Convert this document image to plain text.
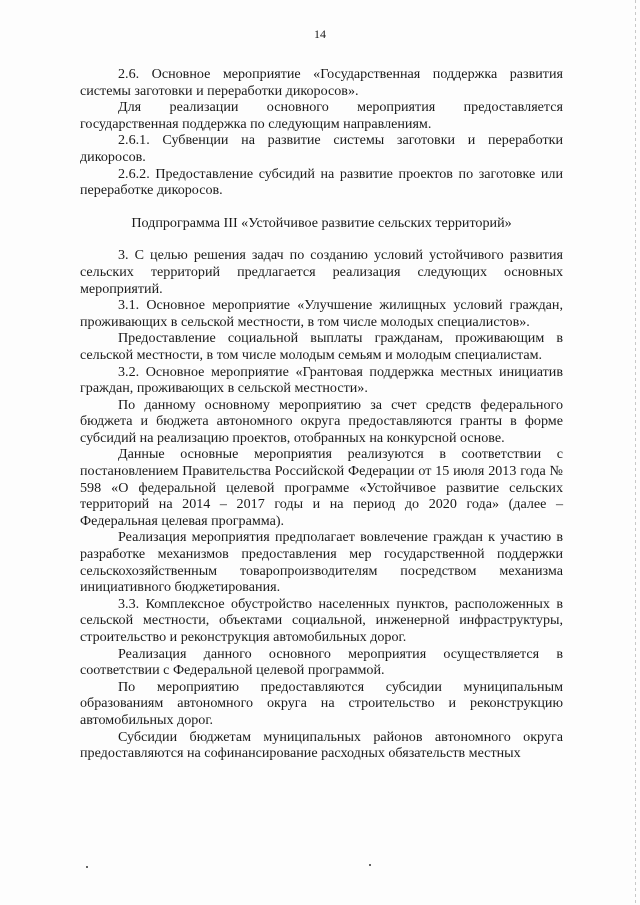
14

2.6. Основное мероприятие «Государственная поддержка развития системы заготовки и переработки дикоросов».

Для реализации основного мероприятия предоставляется государственная поддержка по следующим направлениям.

2.6.1. Субвенции на развитие системы заготовки и переработки дикоросов.

2.6.2. Предоставление субсидий на развитие проектов по заготовке или переработке дикоросов.

Подпрограмма III «Устойчивое развитие сельских территорий»

3. С целью решения задач по созданию условий устойчивого развития сельских территорий предлагается реализация следующих основных мероприятий.

3.1. Основное мероприятие «Улучшение жилищных условий граждан, проживающих в сельской местности, в том числе молодых специалистов».

Предоставление социальной выплаты гражданам, проживающим в сельской местности, в том числе молодым семьям и молодым специалистам.

3.2. Основное мероприятие «Грантовая поддержка местных инициатив граждан, проживающих в сельской местности».

По данному основному мероприятию за счет средств федерального бюджета и бюджета автономного округа предоставляются гранты в форме субсидий на реализацию проектов, отобранных на конкурсной основе.

Данные основные мероприятия реализуются в соответствии с постановлением Правительства Российской Федерации от 15 июля 2013 года № 598 «О федеральной целевой программе «Устойчивое развитие сельских территорий на 2014 – 2017 годы и на период до 2020 года» (далее – Федеральная целевая программа).

Реализация мероприятия предполагает вовлечение граждан к участию в разработке механизмов предоставления мер государственной поддержки сельскохозяйственным товаропроизводителям посредством механизма инициативного бюджетирования.

3.3. Комплексное обустройство населенных пунктов, расположенных в сельской местности, объектами социальной, инженерной инфраструктуры, строительство и реконструкция автомобильных дорог.

Реализация данного основного мероприятия осуществляется в соответствии с Федеральной целевой программой.

По мероприятию предоставляются субсидии муниципальным образованиям автономного округа на строительство и реконструкцию автомобильных дорог.

Субсидии бюджетам муниципальных районов автономного округа предоставляются на софинансирование расходных обязательств местных
